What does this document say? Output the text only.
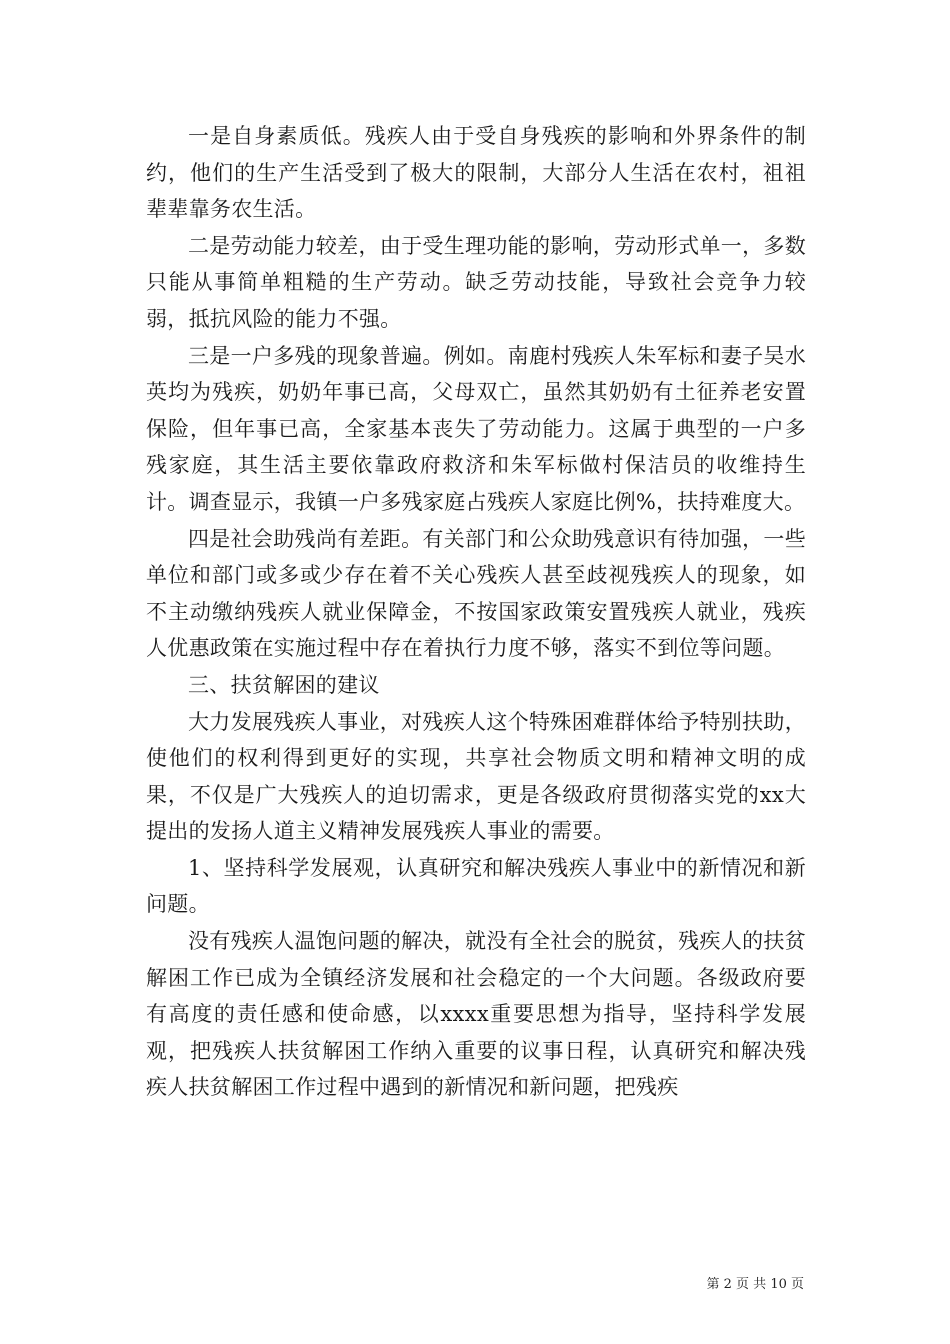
一是自身素质低。残疾人由于受自身残疾的影响和外界条件的制约，他们的生产生活受到了极大的限制，大部分人生活在农村，祖祖辈辈靠务农生活。

二是劳动能力较差，由于受生理功能的影响，劳动形式单一，多数只能从事简单粗糙的生产劳动。缺乏劳动技能，导致社会竞争力较弱，抵抗风险的能力不强。

三是一户多残的现象普遍。例如。南鹿村残疾人朱军标和妻子吴水英均为残疾，奶奶年事已高，父母双亡，虽然其奶奶有土征养老安置保险，但年事已高，全家基本丧失了劳动能力。这属于典型的一户多残家庭，其生活主要依靠政府救济和朱军标做村保洁员的收维持生计。调查显示，我镇一户多残家庭占残疾人家庭比例%，扶持难度大。

四是社会助残尚有差距。有关部门和公众助残意识有待加强，一些单位和部门或多或少存在着不关心残疾人甚至歧视残疾人的现象，如不主动缴纳残疾人就业保障金，不按国家政策安置残疾人就业，残疾人优惠政策在实施过程中存在着执行力度不够，落实不到位等问题。

三、扶贫解困的建议

大力发展残疾人事业，对残疾人这个特殊困难群体给予特别扶助，使他们的权利得到更好的实现，共享社会物质文明和精神文明的成果，不仅是广大残疾人的迫切需求，更是各级政府贯彻落实党的xx大提出的发扬人道主义精神发展残疾人事业的需要。

1、坚持科学发展观，认真研究和解决残疾人事业中的新情况和新问题。

没有残疾人温饱问题的解决，就没有全社会的脱贫，残疾人的扶贫解困工作已成为全镇经济发展和社会稳定的一个大问题。各级政府要有高度的责任感和使命感，以xxxx重要思想为指导，坚持科学发展观，把残疾人扶贫解困工作纳入重要的议事日程，认真研究和解决残疾人扶贫解困工作过程中遇到的新情况和新问题，把残疾

第 2 页 共 10 页
